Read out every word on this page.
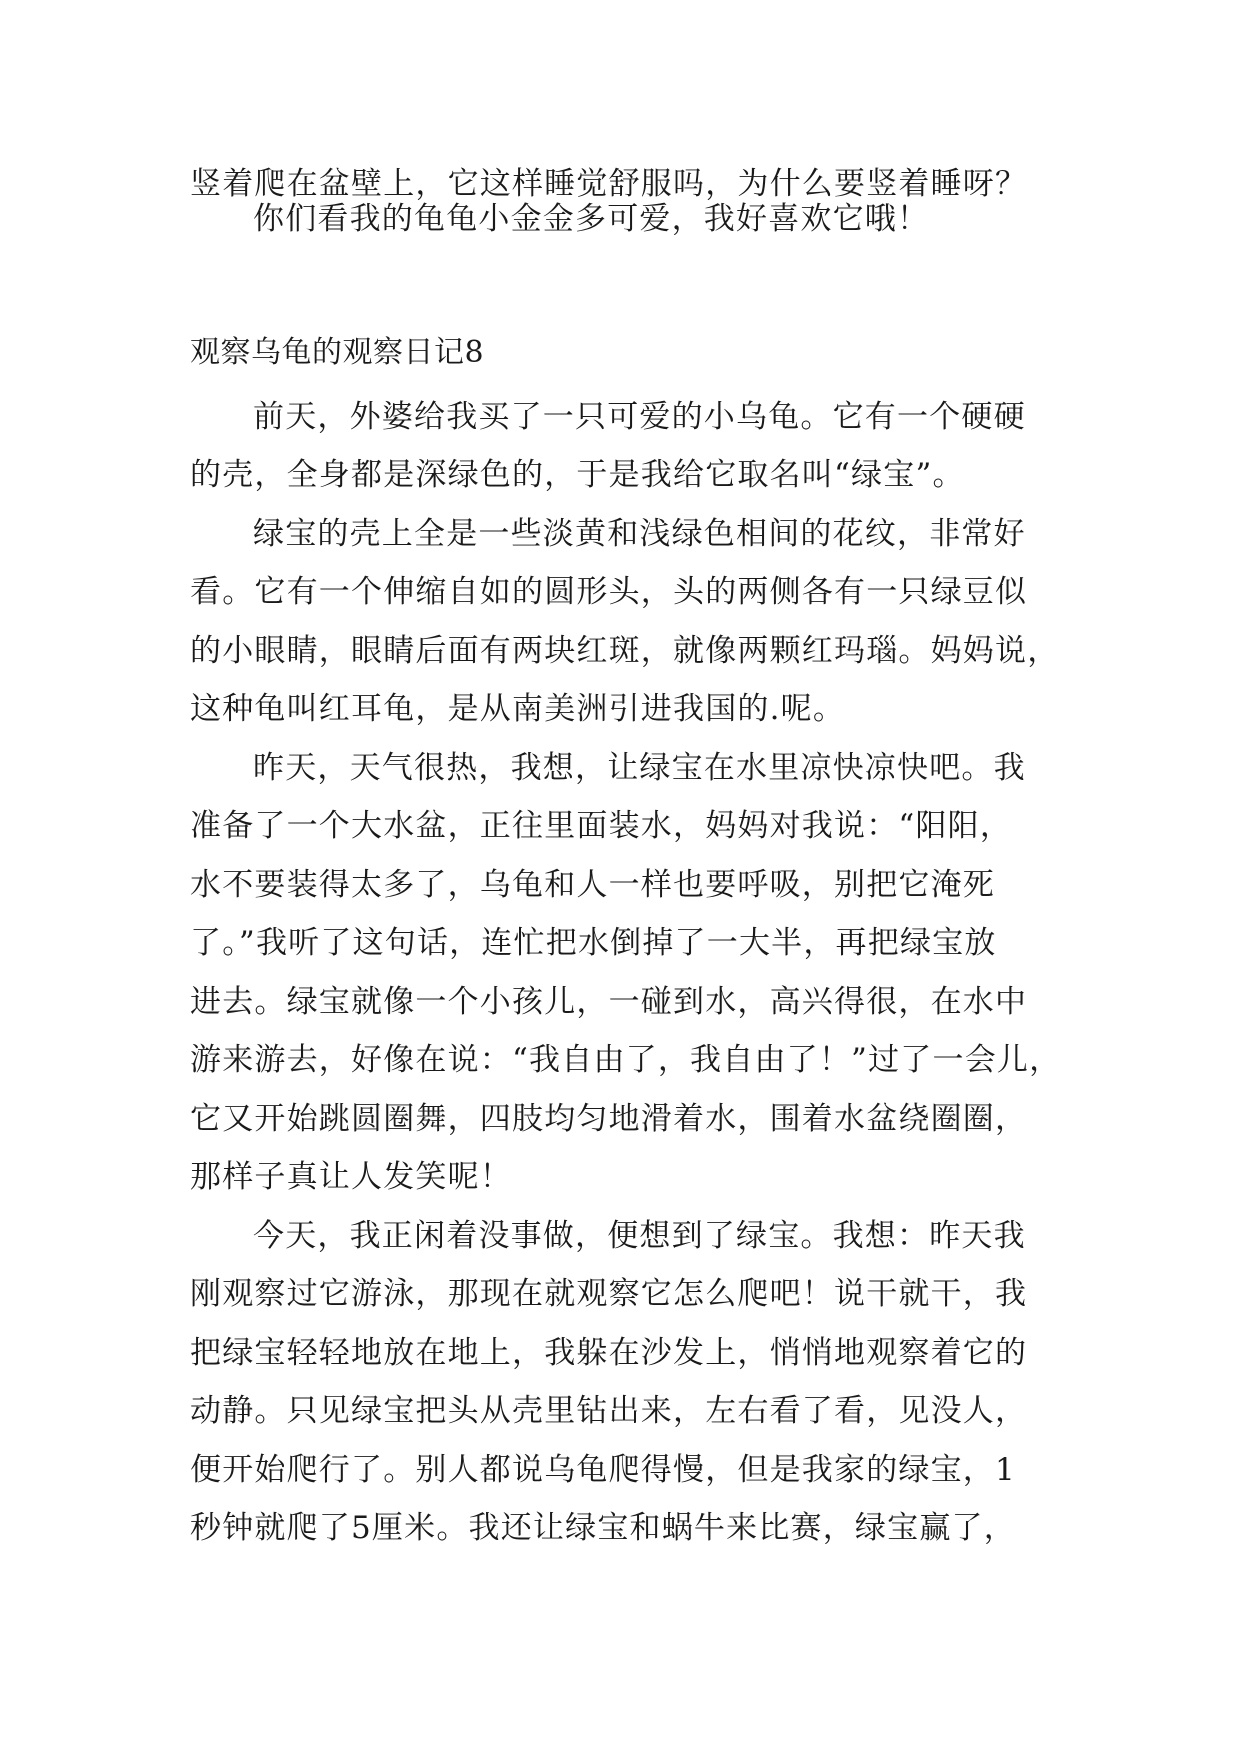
竖着爬在盆壁上，它这样睡觉舒服吗，为什么要竖着睡呀？
你们看我的龟龟小金金多可爱，我好喜欢它哦！
观察乌龟的观察日记8
前天，外婆给我买了一只可爱的小乌龟。它有一个硬硬
的壳，全身都是深绿色的，于是我给它取名叫“绿宝”。
绿宝的壳上全是一些淡黄和浅绿色相间的花纹，非常好
看。它有一个伸缩自如的圆形头，头的两侧各有一只绿豆似
的小眼睛，眼睛后面有两块红斑，就像两颗红玛瑙。妈妈说，
这种龟叫红耳龟，是从南美洲引进我国的.呢。
昨天，天气很热，我想，让绿宝在水里凉快凉快吧。我
准备了一个大水盆，正往里面装水，妈妈对我说：“阳阳，
水不要装得太多了，乌龟和人一样也要呼吸，别把它淹死
了。”我听了这句话，连忙把水倒掉了一大半，再把绿宝放
进去。绿宝就像一个小孩儿，一碰到水，高兴得很，在水中
游来游去，好像在说：“我自由了，我自由了！”过了一会儿，
它又开始跳圆圈舞，四肢均匀地滑着水，围着水盆绕圈圈，
那样子真让人发笑呢！
今天，我正闲着没事做，便想到了绿宝。我想：昨天我
刚观察过它游泳，那现在就观察它怎么爬吧！说干就干，我
把绿宝轻轻地放在地上，我躲在沙发上，悄悄地观察着它的
动静。只见绿宝把头从壳里钻出来，左右看了看，见没人，
便开始爬行了。别人都说乌龟爬得慢，但是我家的绿宝，1
秒钟就爬了5厘米。我还让绿宝和蜗牛来比赛，绿宝赢了，
